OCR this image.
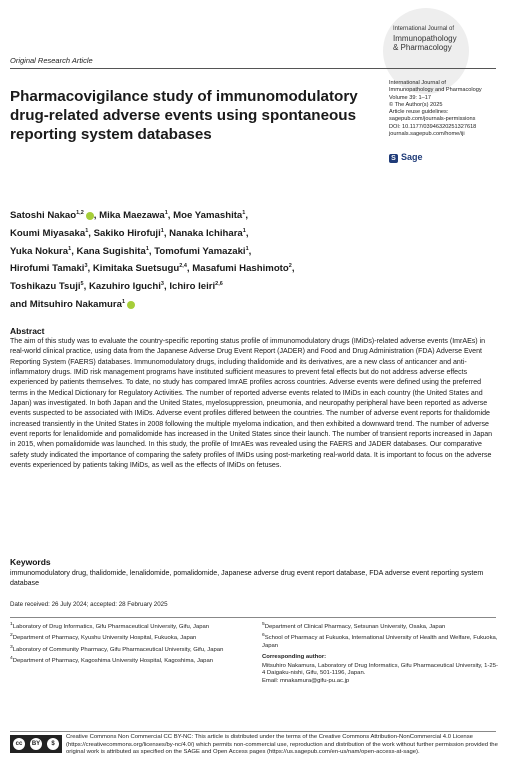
International Journal of
Immunopathology
& Pharmacology
Original Research Article
Pharmacovigilance study of immunomodulatory drug-related adverse events using spontaneous reporting system databases
International Journal of
Immunopathology and Pharmacology
Volume 39: 1–17
© The Author(s) 2025
Article reuse guidelines:
sagepub.com/journals-permissions
DOI: 10.1177/03946320251327618
journals.sagepub.com/home/iji
S Sage
Satoshi Nakao$^{1,2}$ , Mika Maezawa$^1$, Moe Yamashita$^1$,
Koumi Miyasaka$^1$, Sakiko Hirofuji$^1$, Nanaka Ichihara$^1$,
Yuka Nokura$^1$, Kana Sugishita$^1$, Tomofumi Yamazaki$^1$,
Hirofumi Tamaki$^3$, Kimitaka Suetsugu$^{2,4}$, Masafumi Hashimoto$^2$,
Toshikazu Tsuji$^5$, Kazuhiro Iguchi$^3$, Ichiro Ieiri$^{2,6}$
and Mitsuhiro Nakamura$^1$
Abstract
The aim of this study was to evaluate the country-specific reporting status profile of immunomodulatory drugs (IMiDs)-related adverse events (ImrAEs) in real-world clinical practice, using data from the Japanese Adverse Drug Event Report (JADER) and Food and Drug Administration (FDA) Adverse Event Reporting System (FAERS) databases. Immunomodulatory drugs, including thalidomide and its derivatives, are a new class of anticancer and anti-inflammatory drugs. IMiD risk management programs have instituted sufficient measures to prevent fetal effects but do not address adverse effects experienced by patients themselves. To date, no study has compared ImrAE profiles across countries. Adverse events were defined using the preferred terms in the Medical Dictionary for Regulatory Activities. The number of reported adverse events related to IMiDs in each country (the United States and Japan) was investigated. In both Japan and the United States, myelosuppression, pneumonia, and neuropathy peripheral have been reported as adverse events suspected to be associated with IMiDs. Adverse event profiles differed between the countries. The number of adverse event reports for thalidomide increased transiently in the United States in 2008 following the multiple myeloma indication, and then exhibited a downward trend. The number of adverse event reports for lenalidomide and pomalidomide has increased in the United States since their launch. The number of transient reports increased in Japan in 2015, when pomalidomide was launched. In this study, the profile of ImrAEs was revealed using the FAERS and JADER databases. Our comparative safety study indicated the importance of comparing the safety profiles of IMiDs using post-marketing real-world data. It is important to focus on the adverse events experienced by patients taking IMiDs, as well as the effects of IMiDs on fetuses.
Keywords
immunomodulatory drug, thalidomide, lenalidomide, pomalidomide, Japanese adverse drug event report database, FDA adverse event reporting system database
Date received: 26 July 2024; accepted: 28 February 2025
$^1$Laboratory of Drug Informatics, Gifu Pharmaceutical University, Gifu, Japan
$^2$Department of Pharmacy, Kyushu University Hospital, Fukuoka, Japan
$^3$Laboratory of Community Pharmacy, Gifu Pharmaceutical University, Gifu, Japan
$^4$Department of Pharmacy, Kagoshima University Hospital, Kagoshima, Japan
$^5$Department of Clinical Pharmacy, Setsunan University, Osaka, Japan
$^6$School of Pharmacy at Fukuoka, International University of Health and Welfare, Fukuoka, Japan
Corresponding author:
Mitsuhiro Nakamura, Laboratory of Drug Informatics, Gifu Pharmaceutical University, 1-25-4 Daigaku-nishi, Gifu, 501-1196, Japan.
Email: mnakamura@gifu-pu.ac.jp
cc	BY	$
Creative Commons Non Commercial CC BY-NC: This article is distributed under the terms of the Creative Commons Attribution-NonCommercial 4.0 License (https://creativecommons.org/licenses/by-nc/4.0/) which permits non-commercial use, reproduction and distribution of the work without further permission provided the original work is attributed as specified on the SAGE and Open Access pages (https://us.sagepub.com/en-us/nam/open-access-at-sage).
